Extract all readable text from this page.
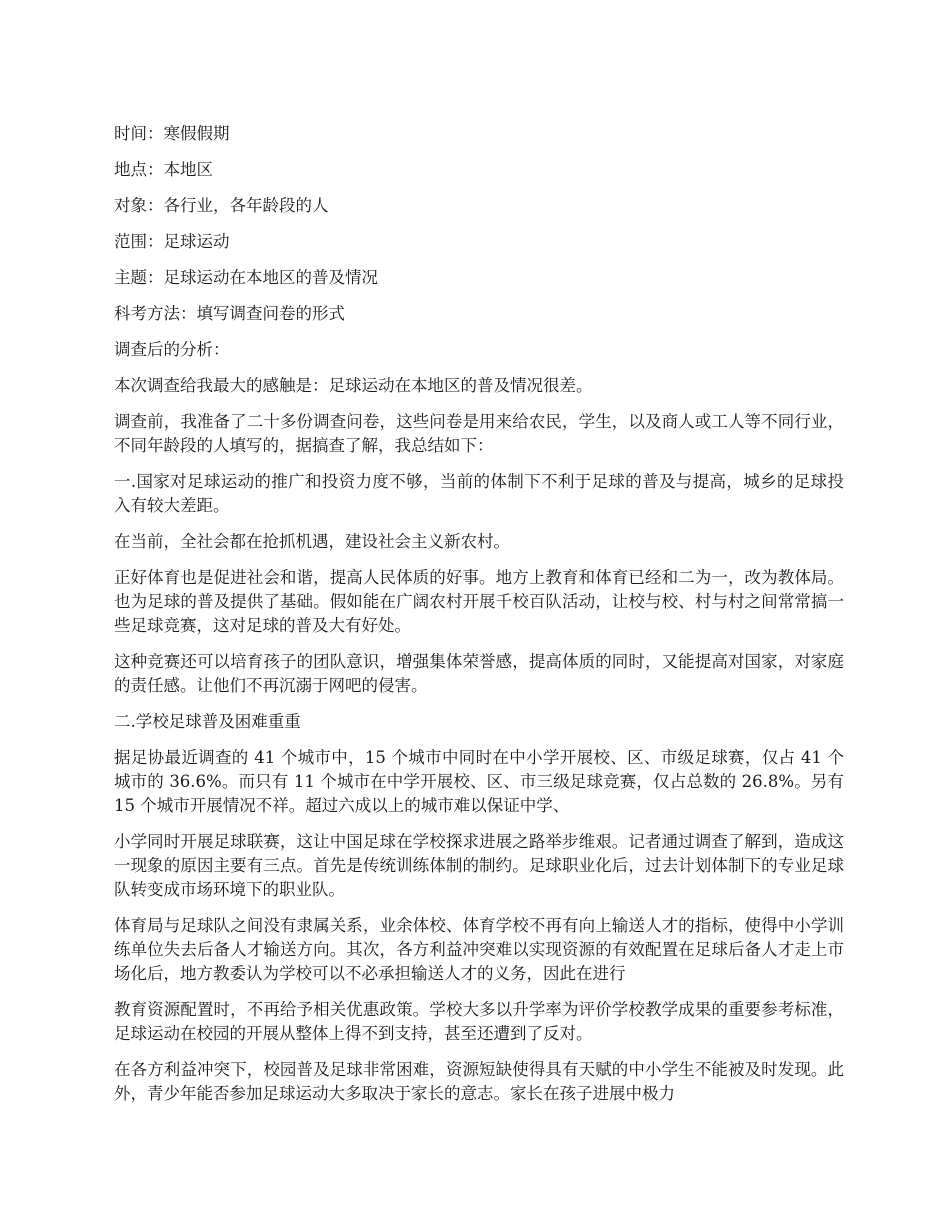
时间：寒假假期

地点：本地区

对象：各行业，各年龄段的人

范围：足球运动

主题：足球运动在本地区的普及情况

科考方法：填写调查问卷的形式

调查后的分析：

本次调查给我最大的感触是：足球运动在本地区的普及情况很差。

调查前，我准备了二十多份调查问卷，这些问卷是用来给农民，学生，以及商人或工人等不同行业，不同年龄段的人填写的，据搞查了解，我总结如下：

一.国家对足球运动的推广和投资力度不够，当前的体制下不利于足球的普及与提高，城乡的足球投入有较大差距。

在当前，全社会都在抢抓机遇，建设社会主义新农村。

正好体育也是促进社会和谐，提高人民体质的好事。地方上教育和体育已经和二为一，改为教体局。也为足球的普及提供了基础。假如能在广阔农村开展千校百队活动，让校与校、村与村之间常常搞一些足球竞赛，这对足球的普及大有好处。

这种竞赛还可以培育孩子的团队意识，增强集体荣誉感，提高体质的同时，又能提高对国家，对家庭的责任感。让他们不再沉溺于网吧的侵害。

二.学校足球普及困难重重

据足协最近调查的 41 个城市中，15 个城市中同时在中小学开展校、区、市级足球赛，仅占 41 个城市的 36.6%。而只有 11 个城市在中学开展校、区、市三级足球竞赛，仅占总数的 26.8%。另有 15 个城市开展情况不祥。超过六成以上的城市难以保证中学、

小学同时开展足球联赛，这让中国足球在学校探求进展之路举步维艰。记者通过调查了解到，造成这一现象的原因主要有三点。首先是传统训练体制的制约。足球职业化后，过去计划体制下的专业足球队转变成市场环境下的职业队。

体育局与足球队之间没有隶属关系，业余体校、体育学校不再有向上输送人才的指标，使得中小学训练单位失去后备人才输送方向。其次，各方利益冲突难以实现资源的有效配置在足球后备人才走上市场化后，地方教委认为学校可以不必承担输送人才的义务，因此在进行

教育资源配置时，不再给予相关优惠政策。学校大多以升学率为评价学校教学成果的重要参考标准，足球运动在校园的开展从整体上得不到支持，甚至还遭到了反对。

在各方利益冲突下，校园普及足球非常困难，资源短缺使得具有天赋的中小学生不能被及时发现。此外，青少年能否参加足球运动大多取决于家长的意志。家长在孩子进展中极力
